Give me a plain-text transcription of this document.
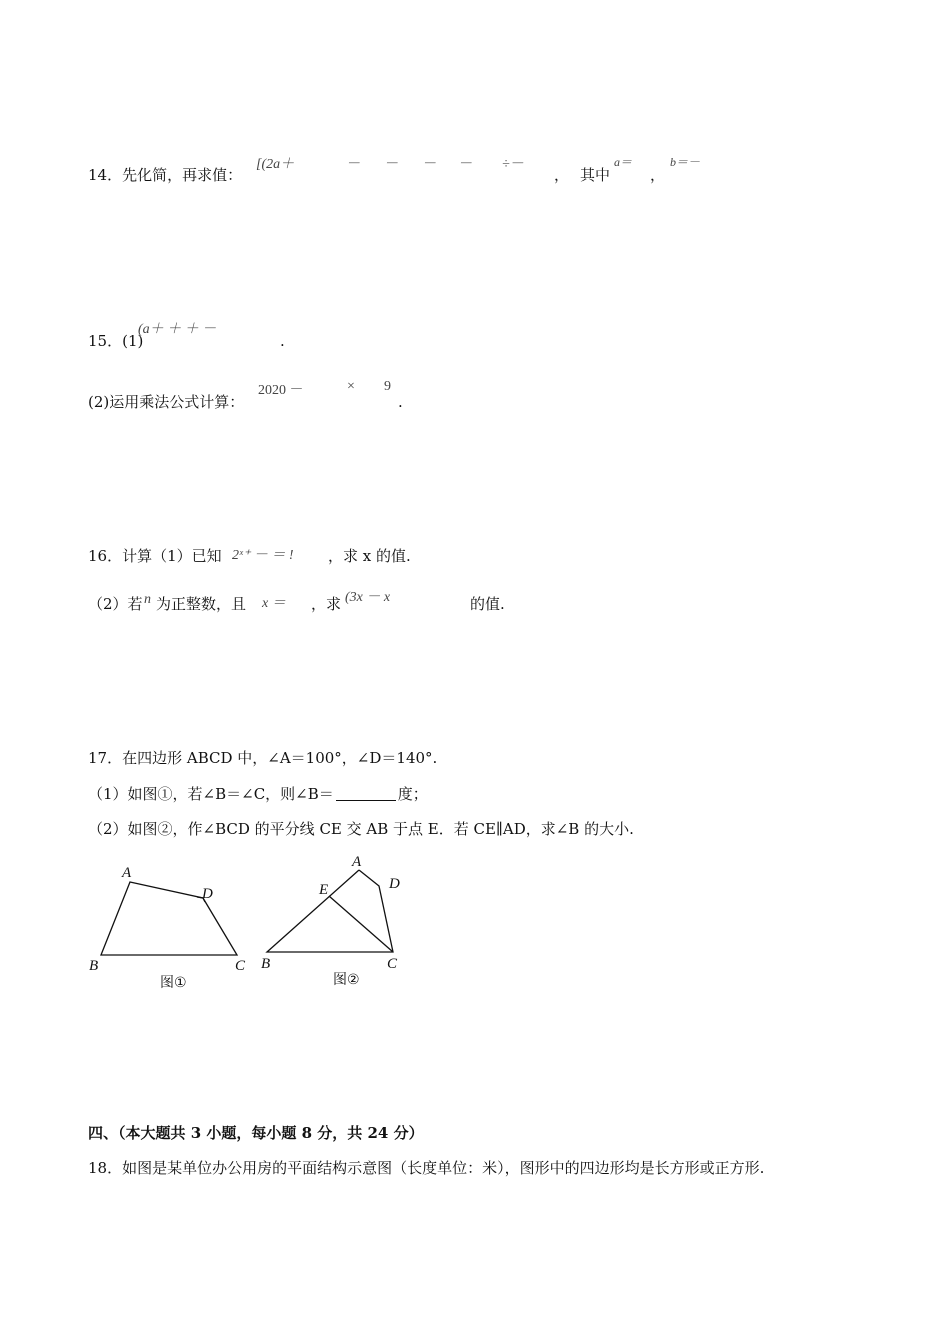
14．先化简，再求值：
[(2a＋	－ － － － ÷－
， 其中
a＝
，
b＝－
15．(1)
(a＋ ＋ ＋ －
.
(2)运用乘法公式计算：
2020 －	× 9
.
16．计算（1）已知 2ˣ⁺ － ＝ ! ，求 x 的值.
（2）若 n 为正整数，且 x ＝ ，求 (3x － x	的值.
17．在四边形 ABCD 中，∠A＝100°，∠D＝140°.
（1）如图①，若∠B＝∠C，则∠B＝	度；
（2）如图②，作∠BCD 的平分线 CE 交 AB 于点 E．若 CE∥AD，求∠B 的大小.
A
D
B	C
图①
A
E	D
B	C
图②
四、（本大题共 3 小题，每小题 8 分，共 24 分）
18．如图是某单位办公用房的平面结构示意图（长度单位：米），图形中的四边形均是长方形或正方形.
